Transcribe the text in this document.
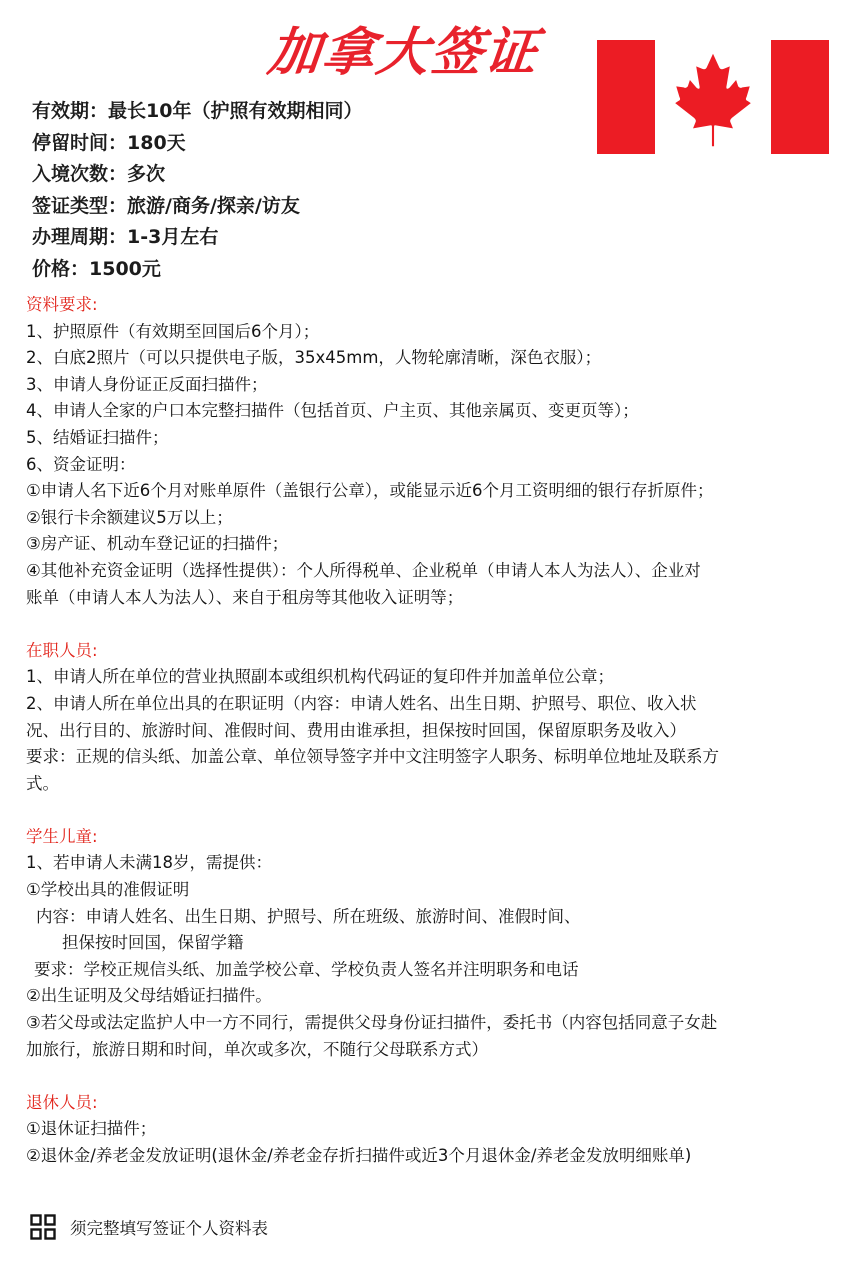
加拿大签证
有效期：最长10年（护照有效期相同）
停留时间：180天
入境次数：多次
签证类型：旅游/商务/探亲/访友
办理周期：1-3月左右
价格：1500元
资料要求:
1、护照原件（有效期至回国后6个月）；
2、白底2照片（可以只提供电子版，35x45mm，人物轮廓清晰，深色衣服）；
3、申请人身份证正反面扫描件；
4、申请人全家的户口本完整扫描件（包括首页、户主页、其他亲属页、变更页等）；
5、结婚证扫描件；
6、资金证明：
①申请人名下近6个月对账单原件（盖银行公章），或能显示近6个月工资明细的银行存折原件；
②银行卡余额建议5万以上；
③房产证、机动车登记证的扫描件；
④其他补充资金证明（选择性提供）：个人所得税单、企业税单（申请人本人为法人）、企业对
账单（申请人本人为法人）、来自于租房等其他收入证明等；
在职人员:
1、申请人所在单位的营业执照副本或组织机构代码证的复印件并加盖单位公章；
2、申请人所在单位出具的在职证明（内容：申请人姓名、出生日期、护照号、职位、收入状
况、出行目的、旅游时间、准假时间、费用由谁承担，担保按时回国，保留原职务及收入）
要求：正规的信头纸、加盖公章、单位领导签字并中文注明签字人职务、标明单位地址及联系方
式。
学生儿童:
1、若申请人未满18岁，需提供：
①学校出具的准假证明
内容：申请人姓名、出生日期、护照号、所在班级、旅游时间、准假时间、
担保按时回国，保留学籍
要求：学校正规信头纸、加盖学校公章、学校负责人签名并注明职务和电话
②出生证明及父母结婚证扫描件。
③若父母或法定监护人中一方不同行，需提供父母身份证扫描件，委托书（内容包括同意子女赴
加旅行，旅游日期和时间，单次或多次，不随行父母联系方式）
退休人员:
①退休证扫描件；
②退休金/养老金发放证明(退休金/养老金存折扫描件或近3个月退休金/养老金发放明细账单)
须完整填写签证个人资料表
